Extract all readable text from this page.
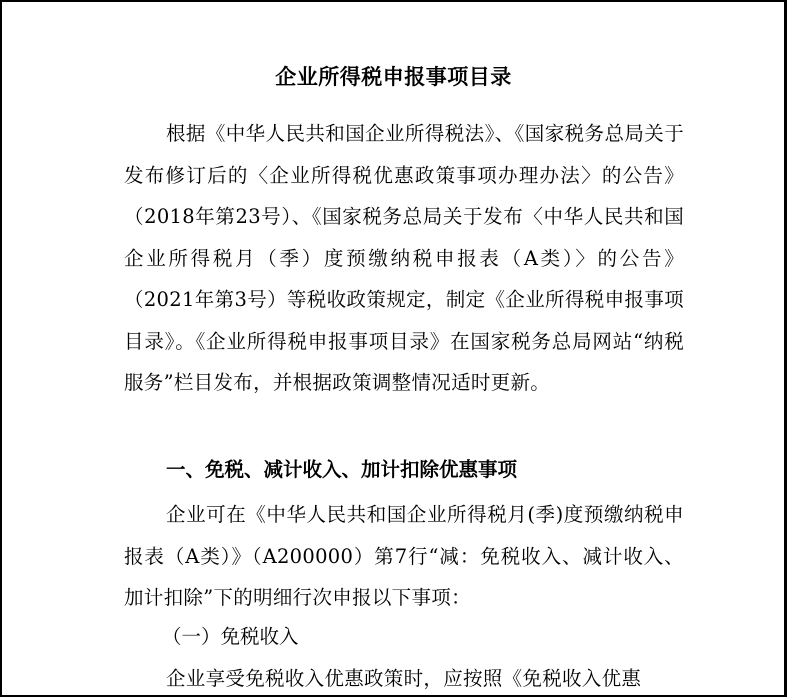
企业所得税申报事项目录
根据《中华人民共和国企业所得税法》、《国家税务总局关于发布修订后的〈企业所得税优惠政策事项办理办法〉的公告》（2018年第23号）、《国家税务总局关于发布〈中华人民共和国企业所得税月（季）度预缴纳税申报表（A类）〉的公告》（2021年第3号）等税收政策规定，制定《企业所得税申报事项目录》。《企业所得税申报事项目录》在国家税务总局网站“纳税服务”栏目发布，并根据政策调整情况适时更新。
一、免税、减计收入、加计扣除优惠事项
企业可在《中华人民共和国企业所得税月(季)度预缴纳税申报表（A类）》（A200000）第7行“减：免税收入、减计收入、加计扣除”下的明细行次申报以下事项：
（一）免税收入
企业享受免税收入优惠政策时，应按照《免税收入优惠
